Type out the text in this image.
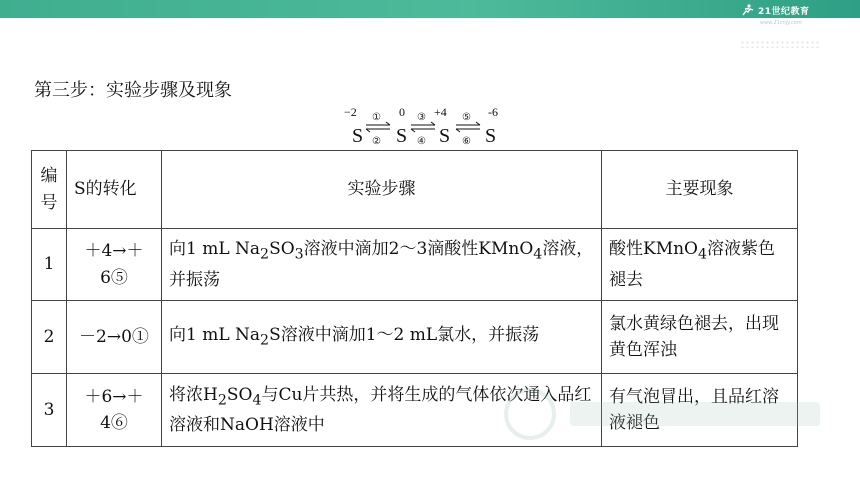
21世纪教育
www.21cnjy.com
第三步：实验步骤及现象
−2	0 +4	-6
S S S S
①
②
③
④
⑤
⑥
编号	S的转化	实验步骤	主要现象
1	＋4→＋6⑤	向1 mL $Na_2SO_3$溶液中滴加2～3滴酸性KMnO$_4$溶液，并振荡	酸性KMnO$_4$溶液紫色褪去
2	－2→0①	向1 mL $Na_2S$溶液中滴加1～2 mL氯水，并振荡	氯水黄绿色褪去，出现黄色浑浊
3	＋6→＋4⑥	将浓$H_2SO_4$与Cu片共热，并将生成的气体依次通入品红溶液和NaOH溶液中	有气泡冒出，且品红溶液褪色
